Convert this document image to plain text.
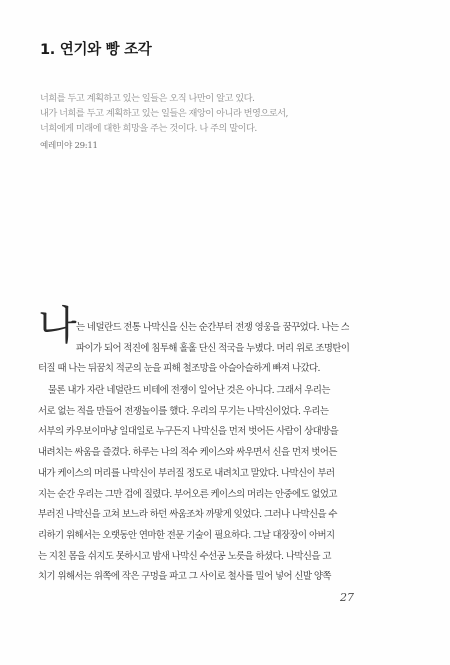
1. 연기와 빵 조각
너희를 두고 계획하고 있는 일들은 오직 나만이 알고 있다.
내가 너희를 두고 계획하고 있는 일들은 재앙이 아니라 번영으로서,
너희에게 미래에 대한 희망을 주는 것이다. 나 주의 말이다.
예레미야 29:11
나 는 네덜란드 전통 나막신을 신는 순간부터 전쟁 영웅을 꿈꾸었다. 나는 스
파이가 되어 적진에 침투해 홀홀 단신 적국을 누볐다. 머리 위로 조명탄이
터질 때 나는 뒤꿈치 적군의 눈을 피해 철조망을 아슬아슬하게 빠져 나갔다.
물론 내가 자란 네덜란드 비테에 전쟁이 일어난 것은 아니다. 그래서 우리는
서로 없는 적을 만들어 전쟁놀이를 했다. 우리의 무기는 나막신이었다. 우리는
서부의 카우보이마냥 일대일로 누구든지 나막신을 먼저 벗어든 사람이 상대방을
내려치는 싸움을 즐겼다. 하루는 나의 적수 케이스와 싸우면서 신을 먼저 벗어든
내가 케이스의 머리를 나막신이 부러질 정도로 내려치고 말았다. 나막신이 부러
지는 순간 우리는 그만 겁에 질렸다. 부어오른 케이스의 머리는 안중에도 없었고
부러진 나막신을 고쳐 보느라 하던 싸움조차 까맣게 잊었다. 그러나 나막신을 수
리하기 위해서는 오랫동안 연마한 전문 기술이 필요하다. 그날 대장장이 아버지
는 지친 몸을 쉬지도 못하시고 밤새 나막신 수선공 노릇을 하셨다. 나막신을 고
치기 위해서는 위쪽에 작은 구멍을 파고 그 사이로 철사를 밀어 넣어 신발 양쪽
27
